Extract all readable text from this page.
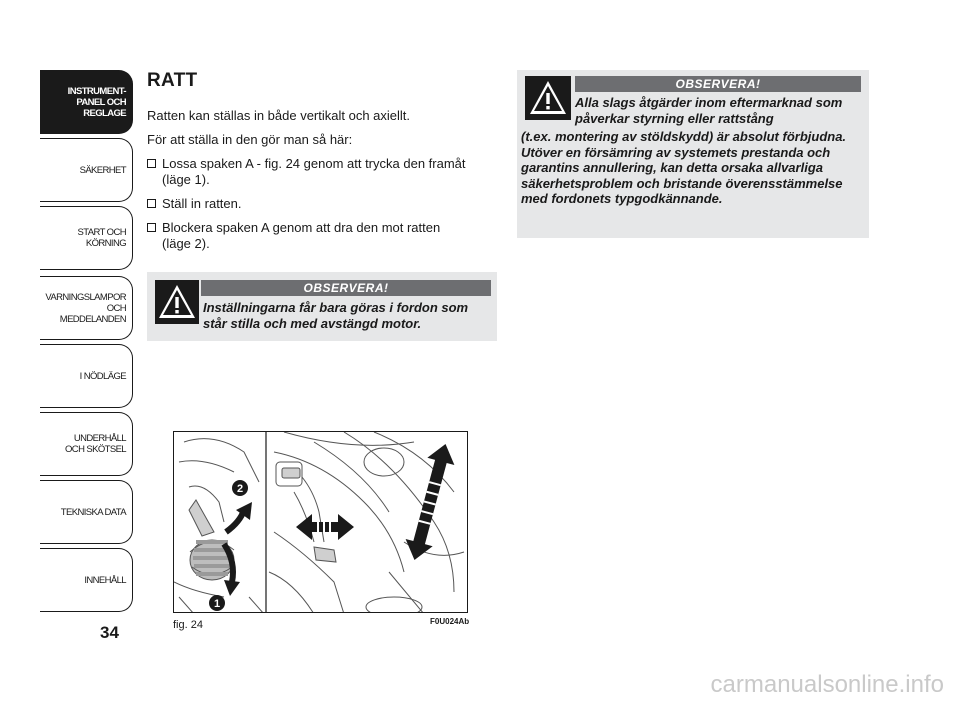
INSTRUMENT-
PANEL OCH
REGLAGE
SÄKERHET
START OCH
KÖRNING
VARNINGSLAMPOR
OCH
MEDDELANDEN
I NÖDLÄGE
UNDERHÅLL
OCH SKÖTSEL
TEKNISKA DATA
INNEHÅLL
34
RATT
Ratten kan ställas in både vertikalt och axiellt.
För att ställa in den gör man så här:
Lossa spaken A - fig. 24 genom att trycka den framåt (läge 1).
Ställ in ratten.
Blockera spaken A genom att dra den mot ratten (läge 2).
OBSERVERA!
Inställningarna får bara göras i fordon som står stilla och med avstängd motor.
OBSERVERA!
Alla slags åtgärder inom eftermarknad som påverkar styrning eller rattstång
(t.ex. montering av stöldskydd) är absolut förbjudna. Utöver en försämring av systemets prestanda och garantins annullering, kan detta orsaka allvarliga säkerhetsproblem och bristande överensstämmelse med fordonets typgodkännande.
2
1
fig. 24	F0U024Ab
carmanualsonline.info
